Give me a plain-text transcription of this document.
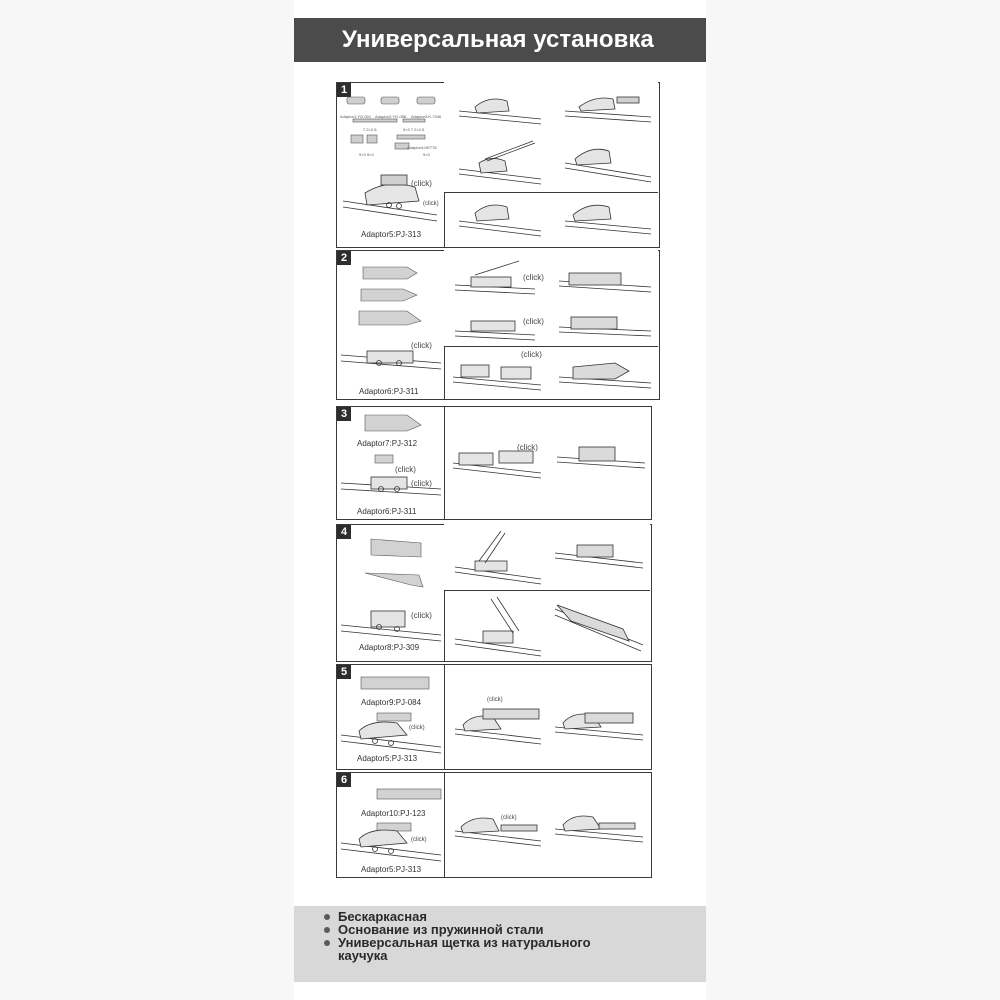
Универсальная установка
1
Adaptor1:YG-001 Adaptor2:YG-086 Adaptor3:K-7046
7.2×2.5	9×3 7.2×2.5
9×3 9×4
Adaptor4:HE778
9×3
(click)
(click)
Adaptor5:PJ-313
2
(click)
Adaptor6:PJ-311
(click)
(click)
(click)
3
Adaptor7:PJ-312
(click)
(click)
Adaptor6:PJ-311
(click)
4
(click)
Adaptor8:PJ-309
5
Adaptor9:PJ-084
(click)
Adaptor5:PJ-313
(click)
6
Adaptor10:PJ-123
(click)
Adaptor5:PJ-313
(click)
Бескаркасная
Основание из пружинной стали
Универсальная щетка из натурального
каучука
